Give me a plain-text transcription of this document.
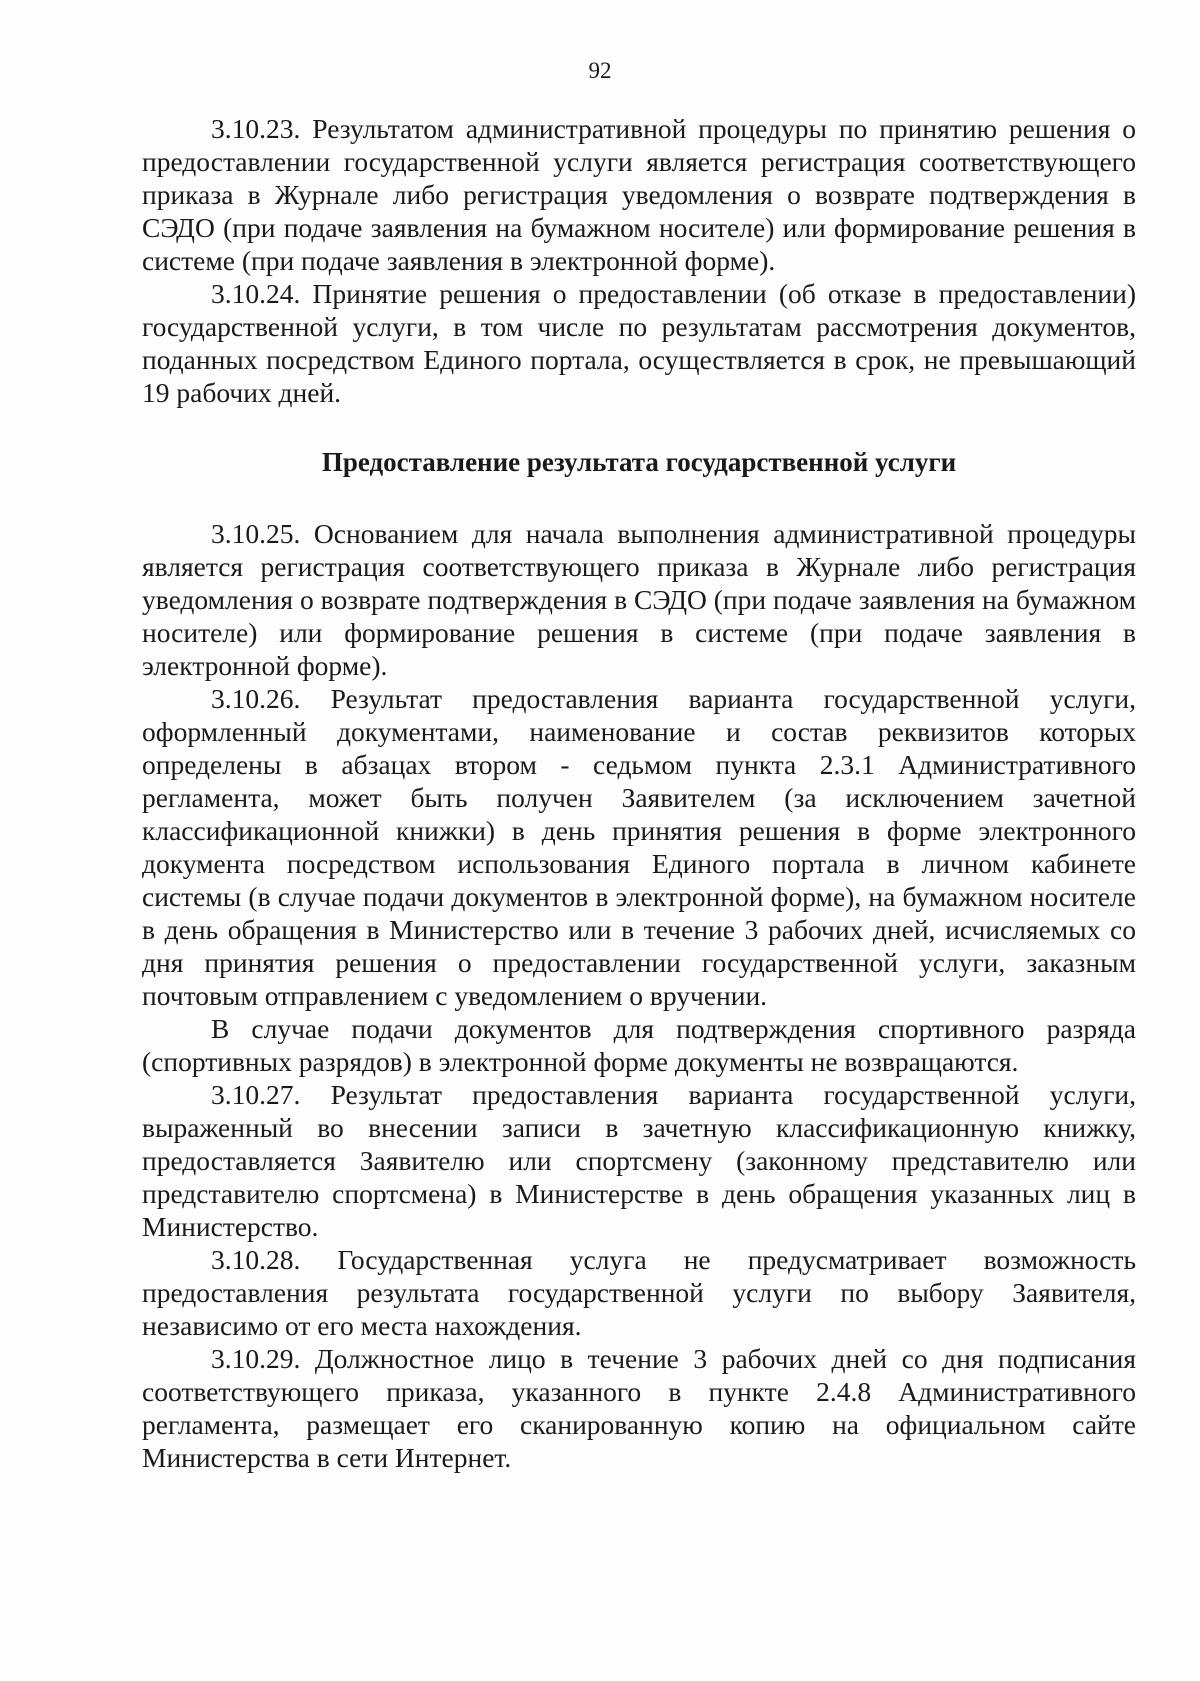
92

3.10.23. Результатом административной процедуры по принятию решения о предоставлении государственной услуги является регистрация соответствующего приказа в Журнале либо регистрация уведомления о возврате подтверждения в СЭДО (при подаче заявления на бумажном носителе) или формирование решения в системе (при подаче заявления в электронной форме).

3.10.24. Принятие решения о предоставлении (об отказе в предоставлении) государственной услуги, в том числе по результатам рассмотрения документов, поданных посредством Единого портала, осуществляется в срок, не превышающий 19 рабочих дней.

Предоставление результата государственной услуги

3.10.25. Основанием для начала выполнения административной процедуры является регистрация соответствующего приказа в Журнале либо регистрация уведомления о возврате подтверждения в СЭДО (при подаче заявления на бумажном носителе) или формирование решения в системе (при подаче заявления в электронной форме).

3.10.26. Результат предоставления варианта государственной услуги, оформленный документами, наименование и состав реквизитов которых определены в абзацах втором - седьмом пункта 2.3.1 Административного регламента, может быть получен Заявителем (за исключением зачетной классификационной книжки) в день принятия решения в форме электронного документа посредством использования Единого портала в личном кабинете системы (в случае подачи документов в электронной форме), на бумажном носителе в день обращения в Министерство или в течение 3 рабочих дней, исчисляемых со дня принятия решения о предоставлении государственной услуги, заказным почтовым отправлением с уведомлением о вручении.

В случае подачи документов для подтверждения спортивного разряда (спортивных разрядов) в электронной форме документы не возвращаются.

3.10.27. Результат предоставления варианта государственной услуги, выраженный во внесении записи в зачетную классификационную книжку, предоставляется Заявителю или спортсмену (законному представителю или представителю спортсмена) в Министерстве в день обращения указанных лиц в Министерство.

3.10.28. Государственная услуга не предусматривает возможность предоставления результата государственной услуги по выбору Заявителя, независимо от его места нахождения.

3.10.29. Должностное лицо в течение 3 рабочих дней со дня подписания соответствующего приказа, указанного в пункте 2.4.8 Административного регламента, размещает его сканированную копию на официальном сайте Министерства в сети Интернет.
